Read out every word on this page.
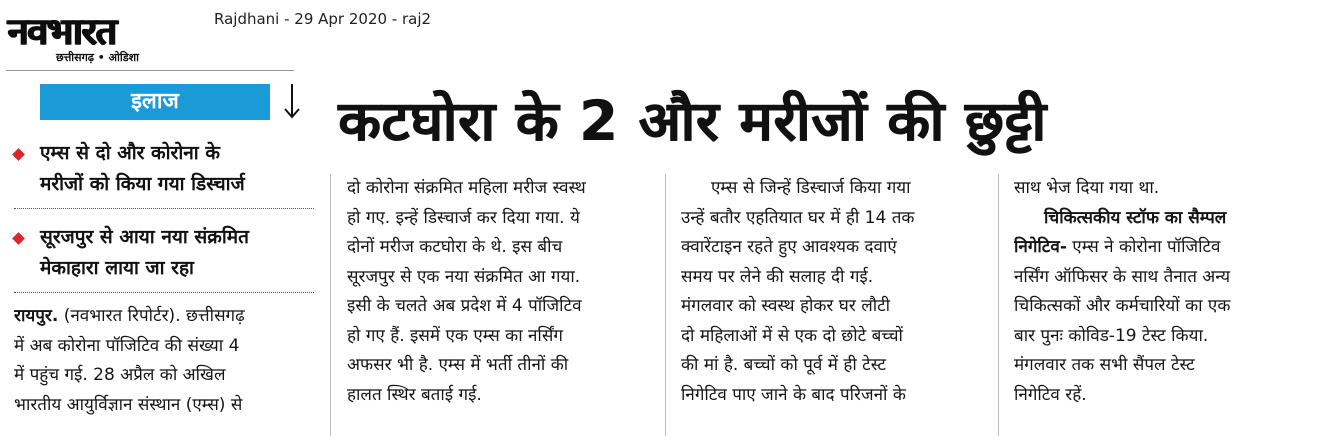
नवभारत
छत्तीसगढ़ • ओडिशा
Rajdhani - 29 Apr 2020 - raj2
इलाज
एम्स से दो और कोरोना के
मरीजों को किया गया डिस्चार्ज
सूरजपुर से आया नया संक्रमित
मेकाहारा लाया जा रहा
कटघोरा के 2 और मरीजों की छुट्टी
रायपुर. (नवभारत रिपोर्टर). छत्तीसगढ़
में अब कोरोना पॉजिटिव की संख्या 4
में पहुंच गई. 28 अप्रैल को अखिल
भारतीय आयुर्विज्ञान संस्थान (एम्स) से
दो कोरोना संक्रमित महिला मरीज स्वस्थ
हो गए. इन्हें डिस्चार्ज कर दिया गया. ये
दोनों मरीज कटघोरा के थे. इस बीच
सूरजपुर से एक नया संक्रमित आ गया.
इसी के चलते अब प्रदेश में 4 पॉजिटिव
हो गए हैं. इसमें एक एम्स का नर्सिंग
अफसर भी है. एम्स में भर्ती तीनों की
हालत स्थिर बताई गई.
एम्स से जिन्हें डिस्चार्ज किया गया
उन्हें बतौर एहतियात घर में ही 14 तक
क्वारेंटाइन रहते हुए आवश्यक दवाएं
समय पर लेने की सलाह दी गई.
मंगलवार को स्वस्थ होकर घर लौटी
दो महिलाओं में से एक दो छोटे बच्चों
की मां है. बच्चों को पूर्व में ही टेस्ट
निगेटिव पाए जाने के बाद परिजनों के
साथ भेज दिया गया था.
चिकित्सकीय स्टॉफ का सैम्पल
निगेटिव- एम्स ने कोरोना पॉजिटिव
नर्सिंग ऑफिसर के साथ तैनात अन्य
चिकित्सकों और कर्मचारियों का एक
बार पुनः कोविड-19 टेस्ट किया.
मंगलवार तक सभी सैंपल टेस्ट
निगेटिव रहें.
